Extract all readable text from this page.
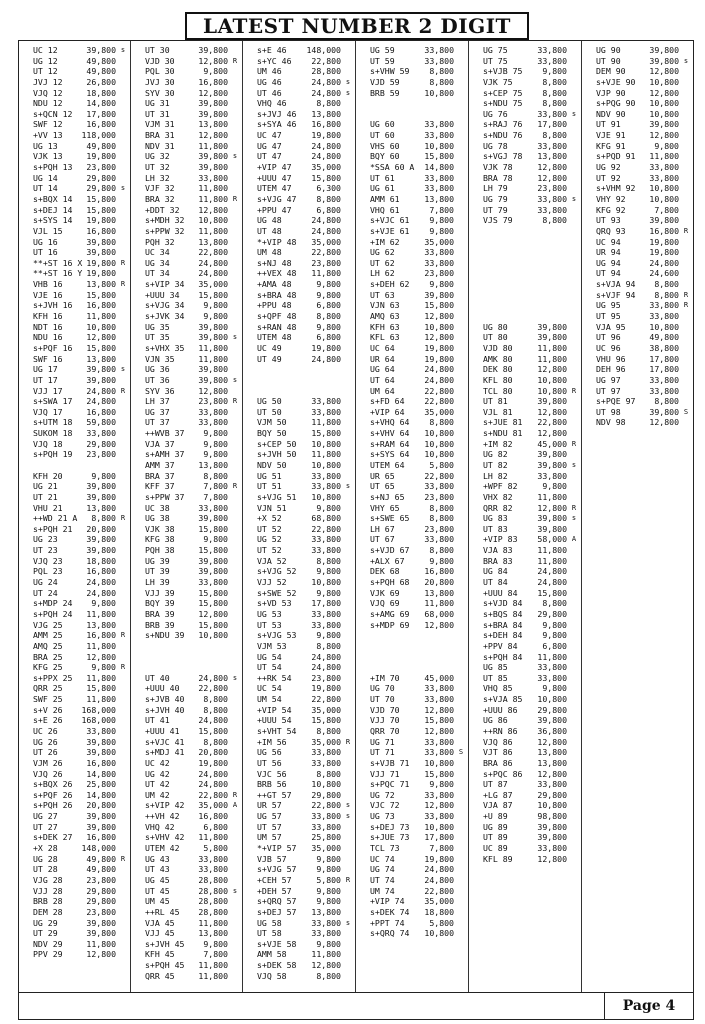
LATEST NUMBER 2 DIGIT
UC 12	39,800 s
UG 12	49,800
UT 12	49,800
JVJ 12	26,800
VJQ 12	18,800
NDU 12	14,800
s+QCN 12 17,800
SWF 12	16,800
+VV 13 118,000
UG 13	49,800
VJK 13	19,800
s+PQH 13 23,800
UG 14	29,800
UT 14	29,800 s
s+BQX 14 15,800
s+DEJ 14 15,800
s+SYS 14 19,800
VJL 15	16,800
UG 16	39,800
UT 16	39,800
**+ST 16 X 19,800 R
**+ST 16 Y 19,800
VHB 16	13,800 R
VJE 16	15,800
s+JVH 16 16,800
KFH 16	11,800
NDT 16	10,800
NDU 16	12,800
s+PQF 16 15,800
SWF 16	13,800
UG 17	39,800 s
UT 17	39,800
VJJ 17	24,800 R
s+SWA 17 24,800
VJQ 17	16,800
s+UTM 18 59,800
SUKOM 18 33,800
VJQ 18	29,800
s+PQH 19 23,800
KFH 20	9,800
UG 21	39,800
UT 21	39,800
VHU 21	13,800
++WD 21 A 8,800 R
s+PQH 21 20,800
UG 23	39,800
UT 23	39,800
VJQ 23	18,800
PQL 23	16,800
UG 24	24,800
UT 24	24,800
s+MDP 24 9,800
s+PQH 24 11,800
VJG 25	13,800
AMM 25	16,800 R
AMQ 25	11,800
BRA 25	12,800
KFG 25	9,800 R
s+PPX 25 11,800
QRR 25	15,800
SWF 25	11,800
s+V 26 168,000
s+E 26 168,000
UC 26	33,800
UG 26	39,800
UT 26	39,800
VJM 26	16,800
VJQ 26	14,800
s+BQX 26 25,800
s+PQF 26 14,800
s+PQH 26 20,800
UG 27	39,800
UT 27	39,800
s+DEK 27 16,800
+X 28	148,000
UG 28	49,800 R
UT 28	49,800
VJG 28	23,800
VJJ 28	29,800
BRB 28	29,800
DEM 28	23,800
UG 29	39,800
UT 29	39,800
NDV 29	11,800
PPV 29	12,800
UT 30	39,800
VJD 30	12,800 R
PQL 30	9,800
JVJ 30	16,800
SYV 30	12,800
UG 31	39,800
UT 31	39,800
VJM 31	13,800
BRA 31	12,800
NDV 31	11,800
UG 32	39,800 s
UT 32	39,800
LH 32	33,800
VJF 32	11,800
BRA 32	11,800 R
+DDT 32 12,800
s+MDH 32 10,800
s+PPW 32 11,800
PQH 32	13,800
UC 34	22,800
UG 34	24,800
UT 34	24,800
s+VIP 34 35,000
+UUU 34 15,800
s+VJG 34 9,800
s+JVK 34 9,800
UG 35	39,800
UT 35	39,800 s
s+VHX 35 11,800
VJN 35	11,800
UG 36	39,800
UT 36	39,800 s
SYV 36	12,800
LH 37	23,800 R
UG 37	33,800
UT 37	33,800
++WVB 37 9,800
VJA 37	9,800
s+AMH 37 9,800
AMM 37	13,800
BRA 37	8,800
KFF 37	7,800 R
s+PPW 37 7,800
UC 38	33,800
UG 38	39,800
VJK 38	15,800
KFG 38	9,800
PQH 38	15,800
UG 39	39,800
UT 39	39,800
LH 39	33,800
VJJ 39	15,800
BQY 39	15,800
BRA 39	12,800
BRB 39	15,800
s+NDU 39 10,800
UT 40	24,800 s
+UUU 40 22,800
s+JVB 40 8,800
s+JVH 40 8,800
UT 41	24,800
+UUU 41 15,800
s+VJC 41 8,800
s+MDJ 41 20,800
UC 42	19,800
UG 42	24,800
UT 42	24,800
UM 42	22,800 R
s+VIP 42 35,000 A
++VH 42 16,800
VHQ 42	6,800
s+VHV 42 11,800
UTEM 42	5,800
UG 43	33,800
UT 43	33,800
UG 45	28,800
UT 45	28,800 s
UM 45	28,800
++RL 45 28,800
VJA 45	11,800
VJJ 45	13,800
s+JVH 45 9,800
KFH 45	7,800
s+PQH 45 11,800
QRR 45	11,800
s+E 46 148,000
s+YC 46 22,800
UM 46	28,800
UG 46	24,800 s
UT 46	24,800 s
VHQ 46	8,800
s+JVJ 46 13,800
s+SYA 46 16,800
UC 47	19,800
UG 47	24,800
UT 47	24,800
+VIP 47 35,000
+UUU 47 15,800
UTEM 47	6,300
s+VJG 47 8,800
+PPU 47	6,800
UG 48	24,800
UT 48	24,800
*+VIP 48 35,000
UM 48	22,800
s+NJ 48 23,800
++VEX 48 11,800
+AMA 48	9,800
s+BRA 48 9,800
+PPU 48	6,800
s+QPF 48 8,800
s+RAN 48 9,800
UTEM 48	6,800
UC 49	19,800
UT 49	24,800
UG 50	33,800
UT 50	33,800
VJM 50	11,800
BQY 50	15,800
s+CEP 50 10,800
s+JVH 50 11,800
NDV 50	10,800
UG 51	33,800
UT 51	33,800 s
s+VJG 51 10,800
VJN 51	9,800
+X 52	68,800
UT 52	22,800
UG 52	33,800
UT 52	33,800
VJA 52	8,800
s+VJG 52 9,800
VJJ 52	10,800
s+SWE 52 9,800
s+VD 53 17,800
UG 53	33,800
UT 53	33,800
s+VJG 53 9,800
VJM 53	8,800
UG 54	24,800
UT 54	24,800
++RK 54 23,800
UC 54	19,800
UM 54	22,800
+VIP 54 35,000
+UUU 54 15,800
s+VHT 54 8,800
+IM 56	35,000 R
UG 56	33,800
UT 56	33,800
VJC 56	8,800
BRB 56	10,800
++GT 57 29,800
UR 57	22,800 s
UG 57	33,800 s
UT 57	33,800
UM 57	25,800
*+VIP 57 35,000
VJB 57	9,800
s+VJG 57 9,800
+CEH 57	5,800 R
+DEH 57	9,800
s+QRQ 57 9,800
s+DEJ 57 13,800
UG 58	33,800 s
UT 58	33,800
s+VJE 58 9,800
AMM 58	11,800
s+DEK 58 12,800
VJQ 58	8,800
UG 59	33,800
UT 59	33,800
s+VHW 59 8,800
VJD 59	8,800
BRB 59	10,800
UG 60	33,800
UT 60	33,800
VHS 60	10,800
BQY 60	15,800
*SSA 60 A 14,800
UT 61	33,800
UG 61	33,800
AMM 61	13,800
VHQ 61	7,800
s+VJC 61 9,800
s+VJE 61 9,800
+IM 62	35,000
UG 62	33,800
UT 62	33,800
LH 62	23,800
s+DEH 62 9,800
UT 63	39,800
VJN 63	15,800
AMQ 63	12,800
KFH 63	10,800
KFL 63	12,800
UC 64	19,800
UR 64	19,800
UG 64	24,800
UT 64	24,800
UM 64	22,800
s+FD 64 22,800
+VIP 64 35,000
s+VHQ 64 8,800
s+VHV 64 10,800
s+RAM 64 10,800
s+SYS 64 10,800
UTEM 64	5,800
UR 65	22,800
UT 65	33,800
s+NJ 65 23,800
VHY 65	8,800
s+SWE 65 8,800
LH 67	23,800
UT 67	33,800
s+VJD 67 8,800
+ALX 67	9,800
DEK 68	16,800
s+PQH 68 20,800
VJK 69	13,800
VJQ 69	11,800
s+AMG 69 68,000
s+MDP 69 12,800
+IM 70	45,000
UG 70	33,800
UT 70	33,800
VJD 70	12,800
VJJ 70	15,800
QRR 70	12,800
UG 71	33,800
UT 71	33,800 S
s+VJB 71 10,800
VJJ 71	15,800
s+PQC 71 9,800
UG 72	33,800
VJC 72	12,800
UG 73	33,800
s+DEJ 73 10,800
s+JUE 73 17,800
TCL 73	7,800
UC 74	19,800
UG 74	24,800
UT 74	24,800
UM 74	22,800
+VIP 74 35,000
s+DEK 74 18,800
+PPT 74	5,800
s+QRQ 74 10,800
UG 75	33,800
UT 75	33,800
s+VJB 75 9,800
VJK 75	8,800
s+CEP 75 8,800
s+NDU 75 8,800
UG 76	33,800 s
s+RAJ 76 17,800
s+NDU 76 8,800
UG 78	33,800
s+VGJ 78 13,800
VJK 78	12,800
BRA 78	12,800
LH 79	23,800
UG 79	33,800 s
UT 79	33,800
VJS 79	8,800
UG 80	39,800
UT 80	39,800
VJD 80	11,800
AMK 80	11,800
DEK 80	12,800
KFL 80	10,800
TCL 80	10,800 R
UT 81	39,800
VJL 81	12,800
s+JUE 81 22,800
s+NDU 81 12,800
+IM 82	45,000 R
UG 82	39,800
UT 82	39,800 s
LH 82	33,800
+WPF 82	9,800
VHX 82	11,800
QRR 82	12,800 R
UG 83	39,800 s
UT 83	39,800
+VIP 83 58,000 A
VJA 83	11,800
BRA 83	11,800
UG 84	24,800
UT 84	24,800
+UUU 84 15,800
s+VJD 84 8,800
s+BQS 84 29,800
s+BRA 84 9,800
s+DEH 84 9,800
+PPV 84	6,800
s+PQH 84 11,800
UG 85	33,800
UT 85	33,800
VHQ 85	9,800
s+VJA 85 10,800
+UUU 86 29,800
UG 86	39,800
++RN 86 36,800
VJQ 86	12,800
VJT 86	13,800
BRA 86	13,800
s+PQC 86 12,800
UT 87	33,800
+LG 87	29,800
VJA 87	10,800
+U 89	98,800
UG 89	39,800
UT 89	39,800
UC 89	33,800
KFL 89	12,800
UG 90	39,800
UT 90	39,800 s
DEM 90	12,800
s+VJE 90 10,800
VJP 90	12,800
s+PQG 90 10,800
NDV 90	10,800
UT 91	39,800
VJE 91	12,800
KFG 91	9,800
s+PQD 91 11,800
UG 92	33,800
UT 92	33,800
s+VHM 92 10,800
VHY 92	10,800
KFG 92	7,800
UT 93	39,800
QRQ 93	16,800 R
UC 94	19,800
UR 94	19,800
UG 94	24,800
UT 94	24,600
s+VJA 94 8,800
s+VJF 94 8,800 R
UG 95	33,800 R
UT 95	33,800
VJA 95	10,800
UT 96	49,800
UC 96	38,800
VHU 96	17,800
DEH 96	17,800
UG 97	33,800
UT 97	33,800
s+PQE 97 8,800
UT 98	39,800 S
NDV 98	12,800
Page 4
